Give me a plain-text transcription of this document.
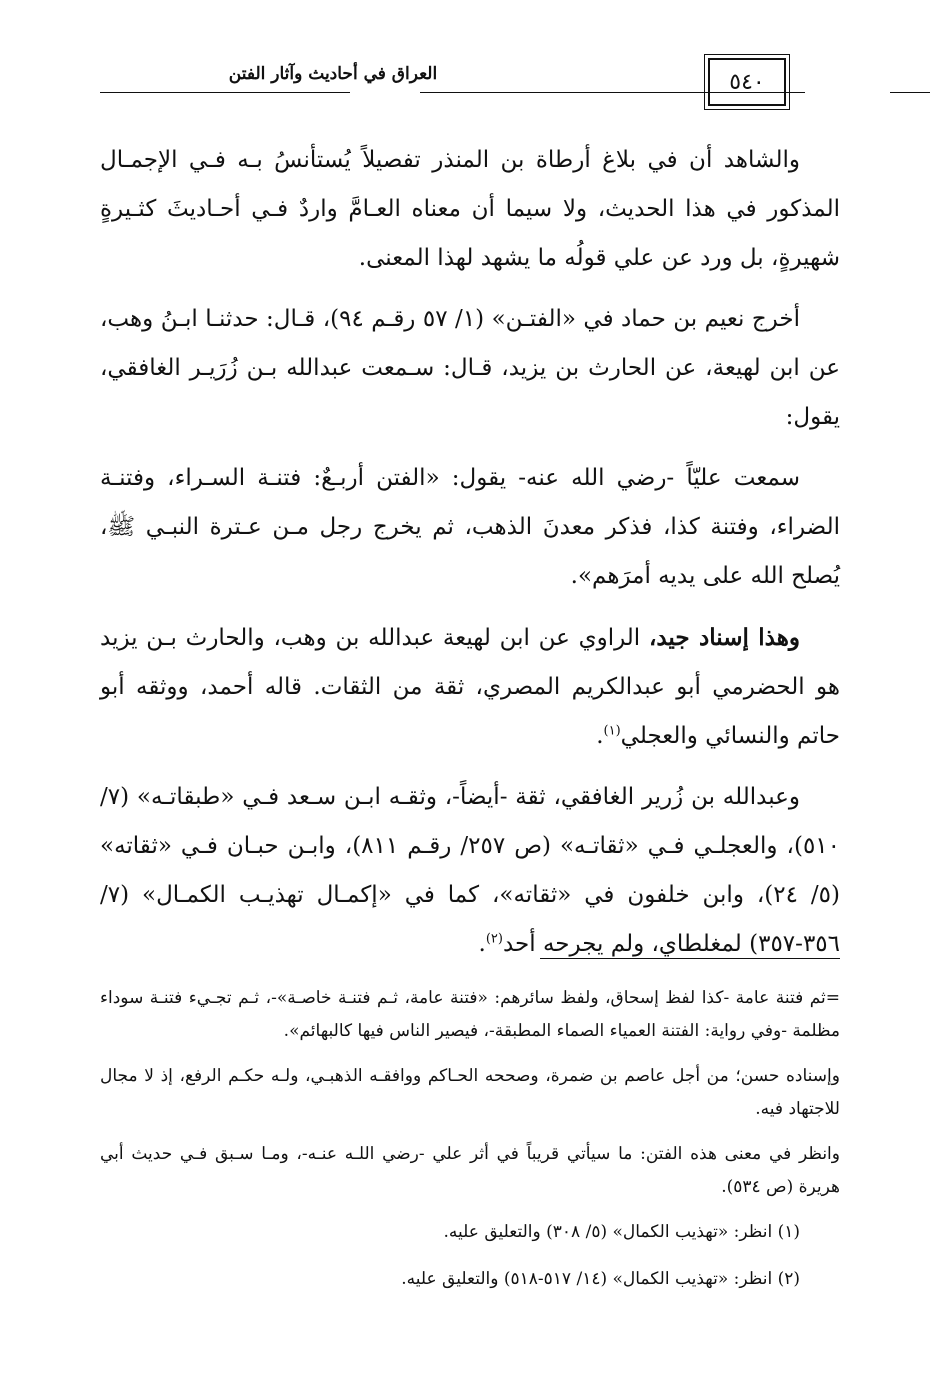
العراق في أحاديث وآثار الفتن	٥٤٠

والشاهد أن في بلاغ أرطاة بن المنذر تفصيلاً يُستأنسُ بـه فـي الإجمـال المذكور في هذا الحديث، ولا سيما أن معناه العـامَّ واردٌ فـي أحـاديثَ كثـيرةٍ شهيرةٍ، بل ورد عن علي قولُه ما يشهد لهذا المعنى.

أخرج نعيم بن حماد في «الفتـن» (١/ ٥٧ رقـم ٩٤)، قـال: حدثنـا ابـنُ وهب، عن ابن لهيعة، عن الحارث بن يزيد، قـال: سـمعت عبدالله بـن زُرَيـر الغافقي، يقول:

سمعت عليّاً -رضي الله عنه- يقول: «الفتن أربـعٌ: فتنـة السـراء، وفتنـة الضراء، وفتنة كذا، فذكر معدنَ الذهب، ثم يخرج رجل مـن عـترة النبـي ﷺ، يُصلح الله على يديه أمرَهم».

وهذا إسناد جيد، الراوي عن ابن لهيعة عبدالله بن وهب، والحارث بـن يزيد هو الحضرمي أبو عبدالكريم المصري، ثقة من الثقات. قاله أحمد، ووثقه أبو حاتم والنسائي والعجلي$^{(١)}$.

وعبدالله بن زُرير الغافقي، ثقة -أيضاً-، وثقـه ابـن سـعد فـي «طبقاتـه» (٧/ ٥١٠)، والعجلـي فـي «ثقاتـه» (ص ٢٥٧/ رقـم ٨١١)، وابـن حبـان فـي «ثقاته» (٥/ ٢٤)، وابن خلفون في «ثقاته»، كما في «إكمـال تهذيـب الكمـال» (٧/ ٣٥٦-٣٥٧) لمغلطاي، ولم يجرحه أحد$^{(٢)}$.

=ثم فتنة عامة -كذا لفظ إسحاق، ولفظ سائرهم: «فتنة عامة، ثـم فتنـة خاصـة»-، ثـم تجـيء فتنـة سوداء مظلمة -وفي رواية: الفتنة العمياء الصماء المطبقة-، فيصير الناس فيها كالبهائم».

وإسناده حسن؛ من أجل عاصم بن ضمرة، وصححه الحـاكم ووافقـه الذهبـي، ولـه حكـم الرفع، إذ لا مجال للاجتهاد فيه.

وانظر في معنى هذه الفتن: ما سيأتي قريباً في أثر علي -رضي اللـه عنـه-، ومـا سـبق فـي حديث أبي هريرة (ص ٥٣٤).

(١) انظر: «تهذيب الكمال» (٥/ ٣٠٨) والتعليق عليه.

(٢) انظر: «تهذيب الكمال» (١٤/ ٥١٧-٥١٨) والتعليق عليه.
